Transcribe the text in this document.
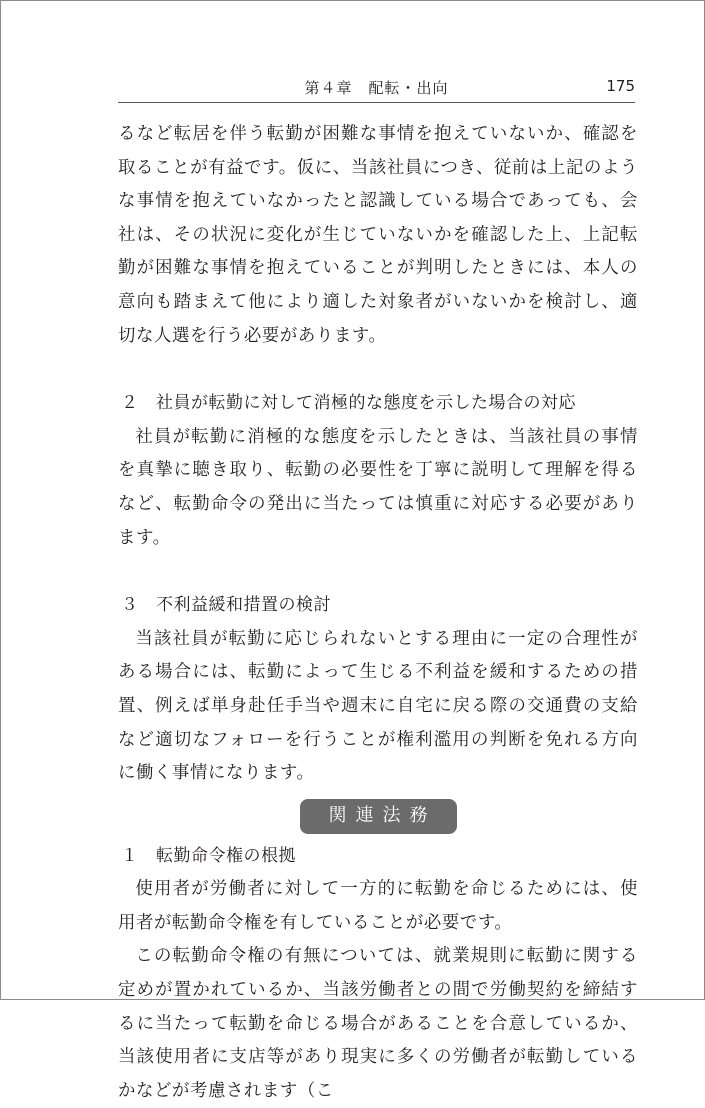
第４章　配転・出向	175

るなど転居を伴う転勤が困難な事情を抱えていないか、確認を取ることが有益です。仮に、当該社員につき、従前は上記のような事情を抱えていなかったと認識している場合であっても、会社は、その状況に変化が生じていないかを確認した上、上記転勤が困難な事情を抱えていることが判明したときには、本人の意向も踏まえて他により適した対象者がいないかを検討し、適切な人選を行う必要があります。

２ 社員が転勤に対して消極的な態度を示した場合の対応

社員が転勤に消極的な態度を示したときは、当該社員の事情を真摯に聴き取り、転勤の必要性を丁寧に説明して理解を得るなど、転勤命令の発出に当たっては慎重に対応する必要があります。

３ 不利益緩和措置の検討

当該社員が転勤に応じられないとする理由に一定の合理性がある場合には、転勤によって生じる不利益を緩和するための措置、例えば単身赴任手当や週末に自宅に戻る際の交通費の支給など適切なフォローを行うことが権利濫用の判断を免れる方向に働く事情になります。

関連法務
１ 転勤命令権の根拠

使用者が労働者に対して一方的に転勤を命じるためには、使用者が転勤命令権を有していることが必要です。

この転勤命令権の有無については、就業規則に転勤に関する定めが置かれているか、当該労働者との間で労働契約を締結するに当たって転勤を命じる場合があることを合意しているか、当該使用者に支店等があり現実に多くの労働者が転勤しているかなどが考慮されます（こ
